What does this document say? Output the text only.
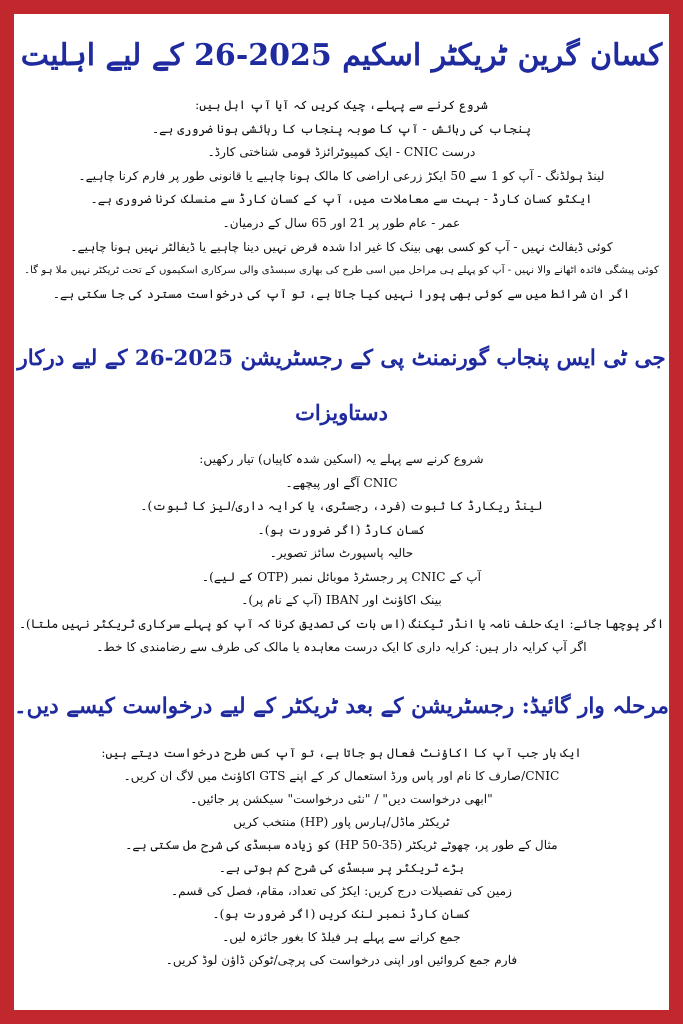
کسان گرین ٹریکٹر اسکیم 2025-26 کے لیے اہلیت
شروع کرنے سے پہلے، چیک کریں کہ آیا آپ اہل ہیں:
پنجاب کی رہائش - آپ کا صوبہ پنجاب کا رہائشی ہونا ضروری ہے۔
درست CNIC - ایک کمپیوٹرائزڈ قومی شناختی کارڈ۔
لینڈ ہولڈنگ - آپ کو 1 سے 50 ایکڑ زرعی اراضی کا مالک ہونا چاہیے یا قانونی طور پر فارم کرنا چاہیے۔
ایکٹو کسان کارڈ - بہت سے معاملات میں، آپ کے کسان کارڈ سے منسلک کرنا ضروری ہے۔
عمر - عام طور پر 21 اور 65 سال کے درمیان۔
کوئی ڈیفالٹ نہیں - آپ کو کسی بھی بینک کا غیر ادا شدہ قرض نہیں دینا چاہیے یا ڈیفالٹر نہیں ہونا چاہیے۔
کوئی پیشگی فائدہ اٹھانے والا نہیں - آپ کو پہلے ہی مراحل میں اسی طرح کی بھاری سبسڈی والی سرکاری اسکیموں کے تحت ٹریکٹر نہیں ملا ہو گا۔
اگر ان شرائط میں سے کوئی بھی پورا نہیں کیا جاتا ہے، تو آپ کی درخواست مسترد کی جا سکتی ہے۔
جی ٹی ایس پنجاب گورنمنٹ پی کے رجسٹریشن 2025-26 کے لیے درکار
دستاویزات
شروع کرنے سے پہلے یہ (اسکین شدہ کاپیاں) تیار رکھیں:
CNIC آگے اور پیچھے۔
لینڈ ریکارڈ کا ثبوت (فرد، رجسٹری، یا کرایہ داری/لیز کا ثبوت)۔
کسان کارڈ (اگر ضرورت ہو)۔
حالیہ پاسپورٹ سائز تصویر۔
آپ کے CNIC پر رجسٹرڈ موبائل نمبر (OTP کے لیے)۔
بینک اکاؤنٹ اور IBAN (آپ کے نام پر)۔
اگر پوچھا جائے: ایک حلف نامہ یا انڈر ٹیکنگ (اس بات کی تصدیق کرنا کہ آپ کو پہلے سرکاری ٹریکٹر نہیں ملتا)۔
اگر آپ کرایہ دار ہیں: کرایہ داری کا ایک درست معاہدہ یا مالک کی طرف سے رضامندی کا خط۔
مرحلہ وار گائیڈ: رجسٹریشن کے بعد ٹریکٹر کے لیے درخواست کیسے دیں۔
ایک بار جب آپ کا اکاؤنٹ فعال ہو جاتا ہے، تو آپ کس طرح درخواست دیتے ہیں:
CNIC/صارف کا نام اور پاس ورڈ استعمال کر کے اپنے GTS اکاؤنٹ میں لاگ ان کریں۔
"ابھی درخواست دیں" / "نئی درخواست" سیکشن پر جائیں۔
ٹریکٹر ماڈل/ہارس پاور (HP) منتخب کریں
مثال کے طور پر، چھوٹے ٹریکٹر (35-50 HP) کو زیادہ سبسڈی کی شرح مل سکتی ہے۔
بڑے ٹریکٹر پر سبسڈی کی شرح کم ہوتی ہے۔
زمین کی تفصیلات درج کریں: ایکڑ کی تعداد، مقام، فصل کی قسم۔
کسان کارڈ نمبر لنک کریں (اگر ضرورت ہو)۔
جمع کرانے سے پہلے ہر فیلڈ کا بغور جائزہ لیں۔
فارم جمع کروائیں اور اپنی درخواست کی پرچی/ٹوکن ڈاؤن لوڈ کریں۔
